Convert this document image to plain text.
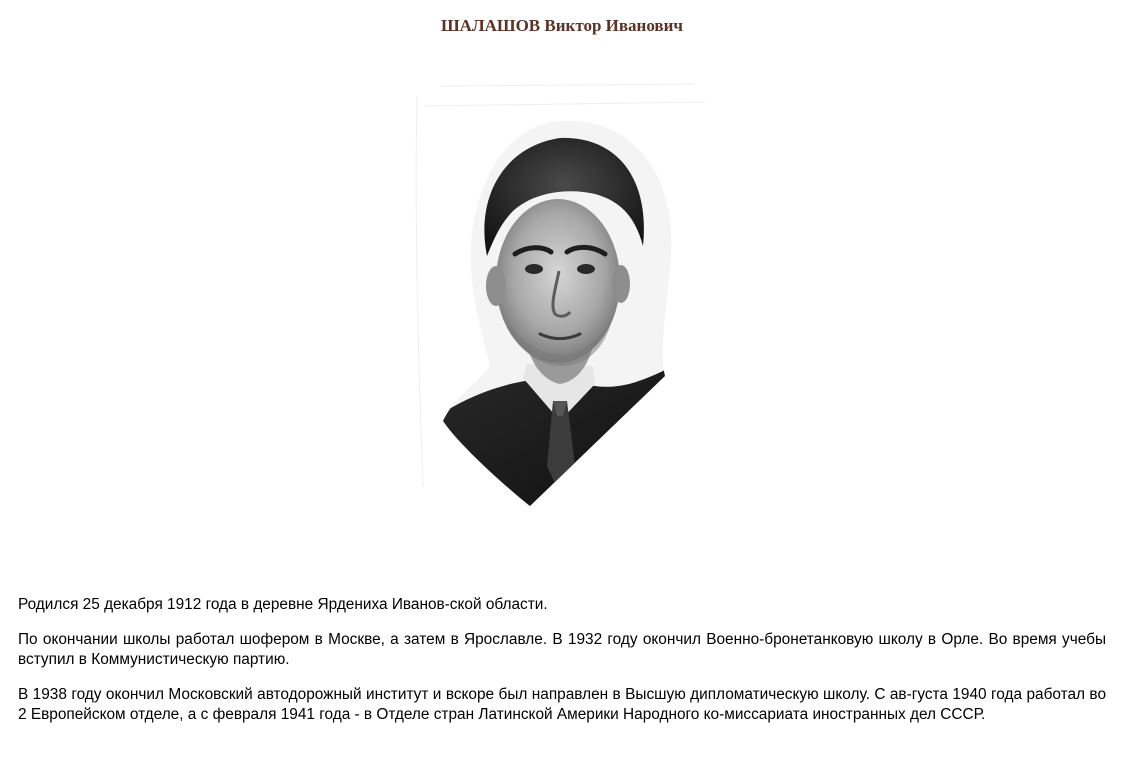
ШАЛАШОВ Виктор Иванович

Родился 25 декабря 1912 года в деревне Ярдениха Иванов-ской области.

По окончании школы работал шофером в Москве, а затем в Ярославле. В 1932 году окончил Военно-бронетанковую школу в Орле. Во время учебы вступил в Коммунистическую партию.

В 1938 году окончил Московский автодорожный институт и вскоре был направлен в Высшую дипломатическую школу. С ав-густа 1940 года работал во 2 Европейском отделе, а с февраля 1941 года - в Отделе стран Латинской Америки Народного ко-миссариата иностранных дел СССР.
